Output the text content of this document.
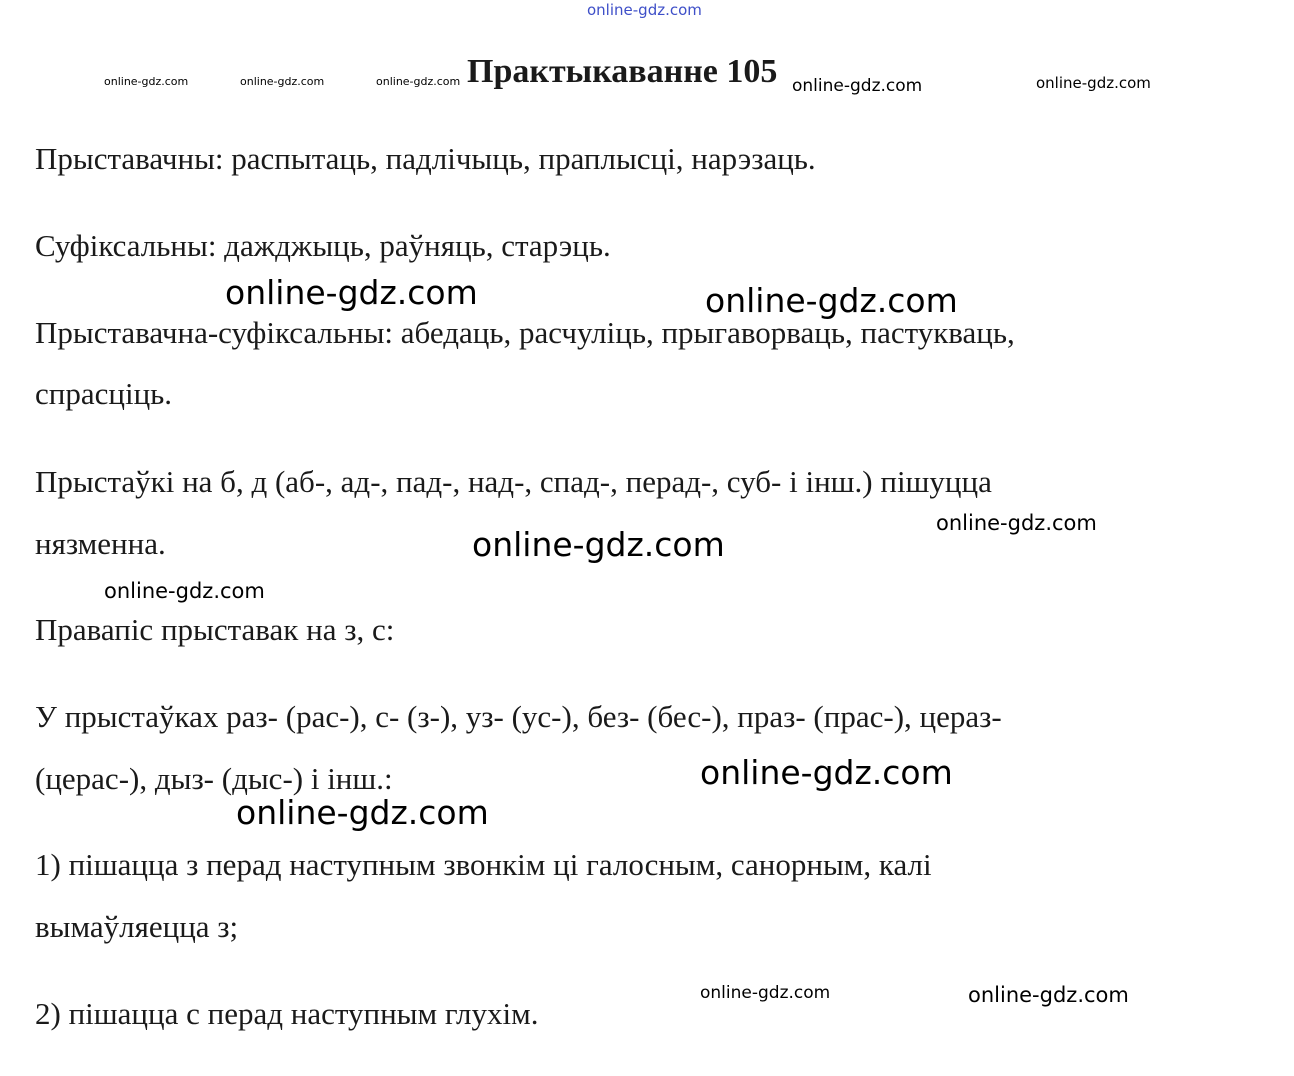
online-gdz.com
Практыкаванне 105
online-gdz.com	online-gdz.com	online-gdz.com	online-gdz.com	online-gdz.com
Прыставачны: распытаць, падлічыць, праплысці, нарэзаць.
Суфіксальны: дажджыць, раўняць, старэць.
online-gdz.com	online-gdz.com
Прыставачна-суфіксальны: абедаць, расчуліць, прыгаворваць, пастукваць,
спрасціць.
Прыстаўкі на б, д (аб-, ад-, пад-, над-, спад-, перад-, суб- і інш.) пішуцца
online-gdz.com
нязменна.	online-gdz.com
online-gdz.com
Правапіс прыставак на з, с:
У прыстаўках раз- (рас-), с- (з-), уз- (ус-), без- (бес-), праз- (прас-), цераз-
online-gdz.com
(церас-), дыз- (дыс-) і інш.:
online-gdz.com
1) пішацца з перад наступным звонкім ці галосным, санорным, калі
вымаўляецца з;
online-gdz.com	online-gdz.com
2) пішацца с перад наступным глухім.
